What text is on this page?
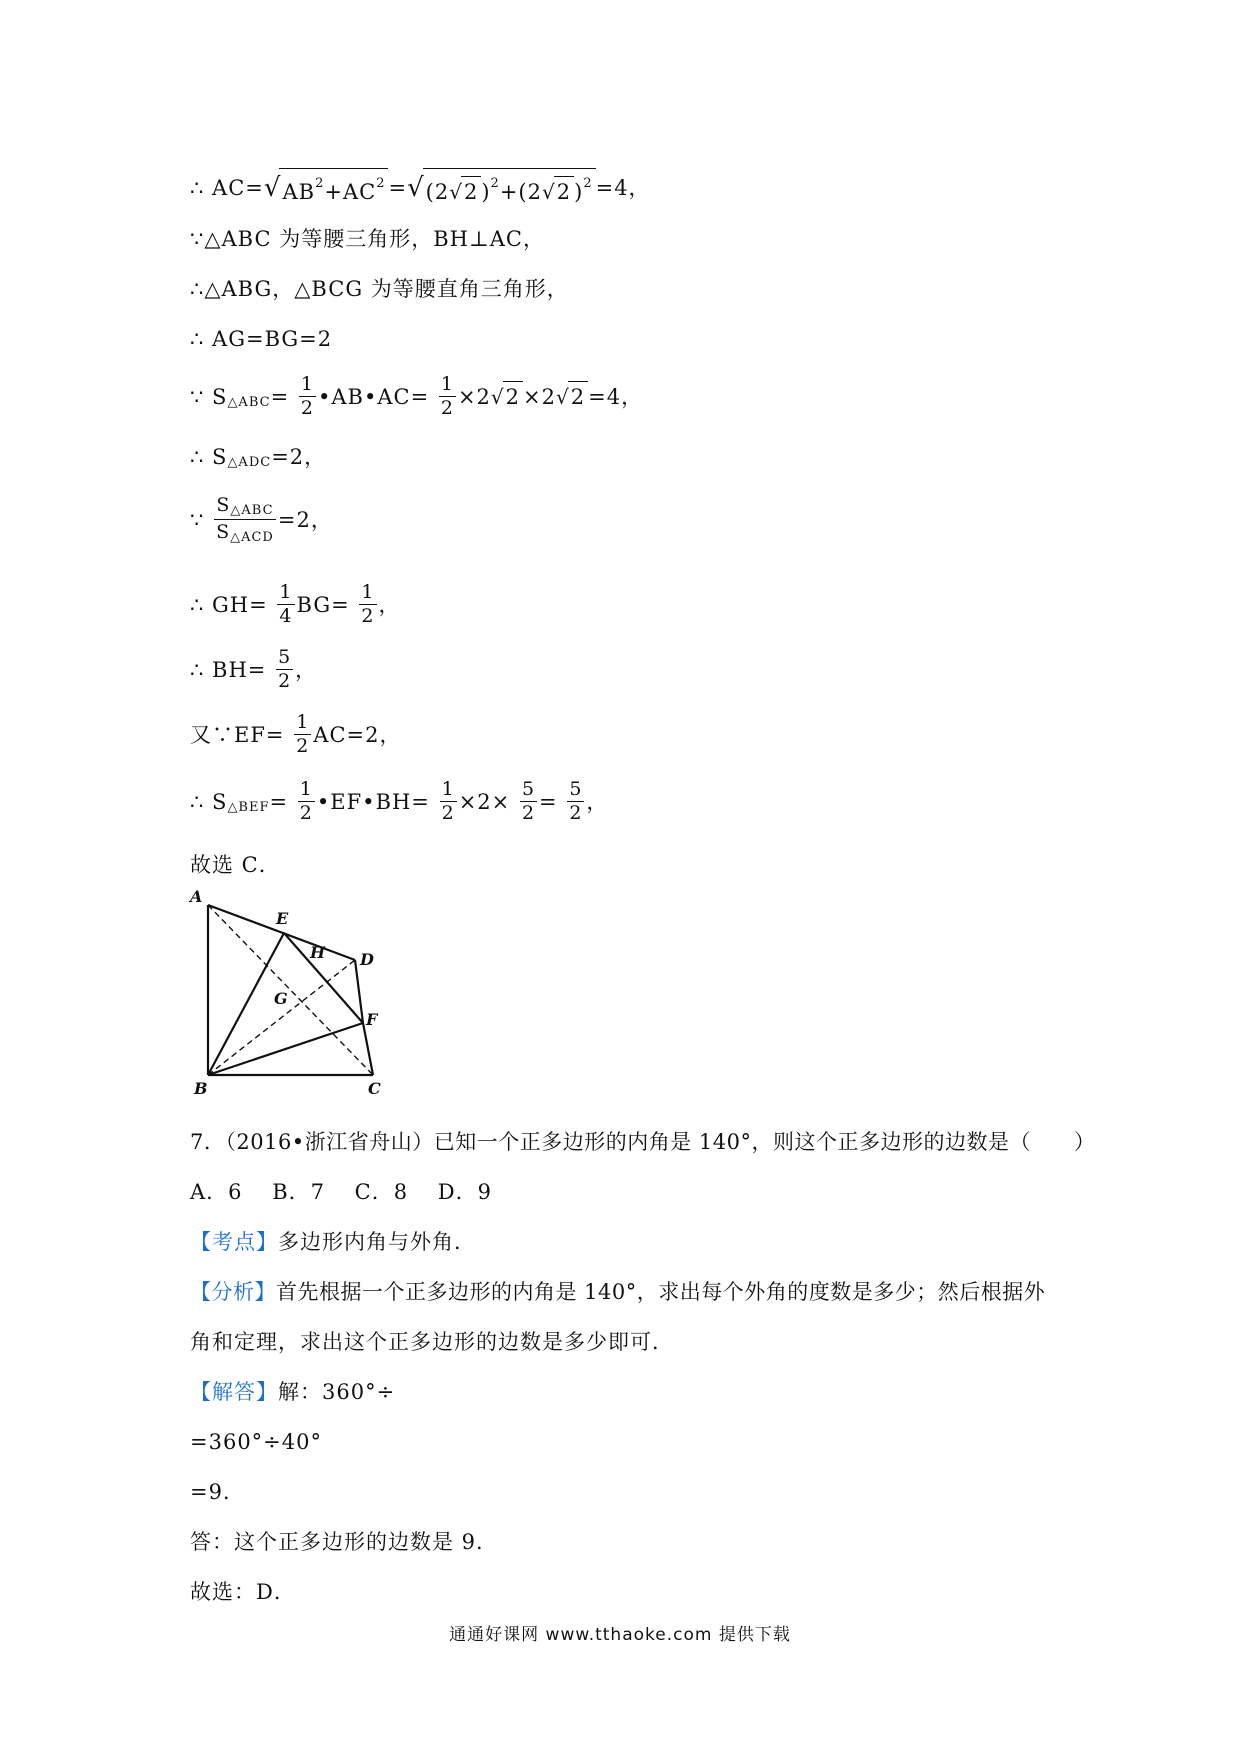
∴ AC=√AB2+AC2 =√(2√2 )2+(2√2 )2 =4，
∵△ABC 为等腰三角形，BH⊥AC，
∴△ABG，△BCG 为等腰直角三角形，
∴ AG=BG=2
∵ S△ABC= $\frac{1}{2}$ •AB•AC= $\frac{1}{2} \times 2√2 \times 2√2 =4$，
∴ S△ADC=2，
∵ $\frac{\text{S△ABC}}{\text{S△ACD}} =2$，
∴ $GH= \frac{1}{4} BG= \frac{1}{2}$ ，
∴ $BH= \frac{5}{2}$ ，
又∵EF= $\frac{1}{2} AC=2$，
∴ S△BEF= $\frac{1}{2}$ •EF•BH= $\frac{1}{2} \times 2\times \frac{5}{2} = \frac{5}{2}$ ，
故选 C．
A
E
H D
G
F
B	C
7．（2016•浙江省舟山）已知一个正多边形的内角是 140°，则这个正多边形的边数是（　　）
A．6　 B．7　 C．8　 D．9
【考点】多边形内角与外角．
【分析】首先根据一个正多边形的内角是 140°，求出每个外角的度数是多少；然后根据外
角和定理，求出这个正多边形的边数是多少即可．
【解答】解：360°÷
=360°÷40°
=9．
答：这个正多边形的边数是 9．
故选：D．
通通好课网 www.tthaoke.com 提供下载
